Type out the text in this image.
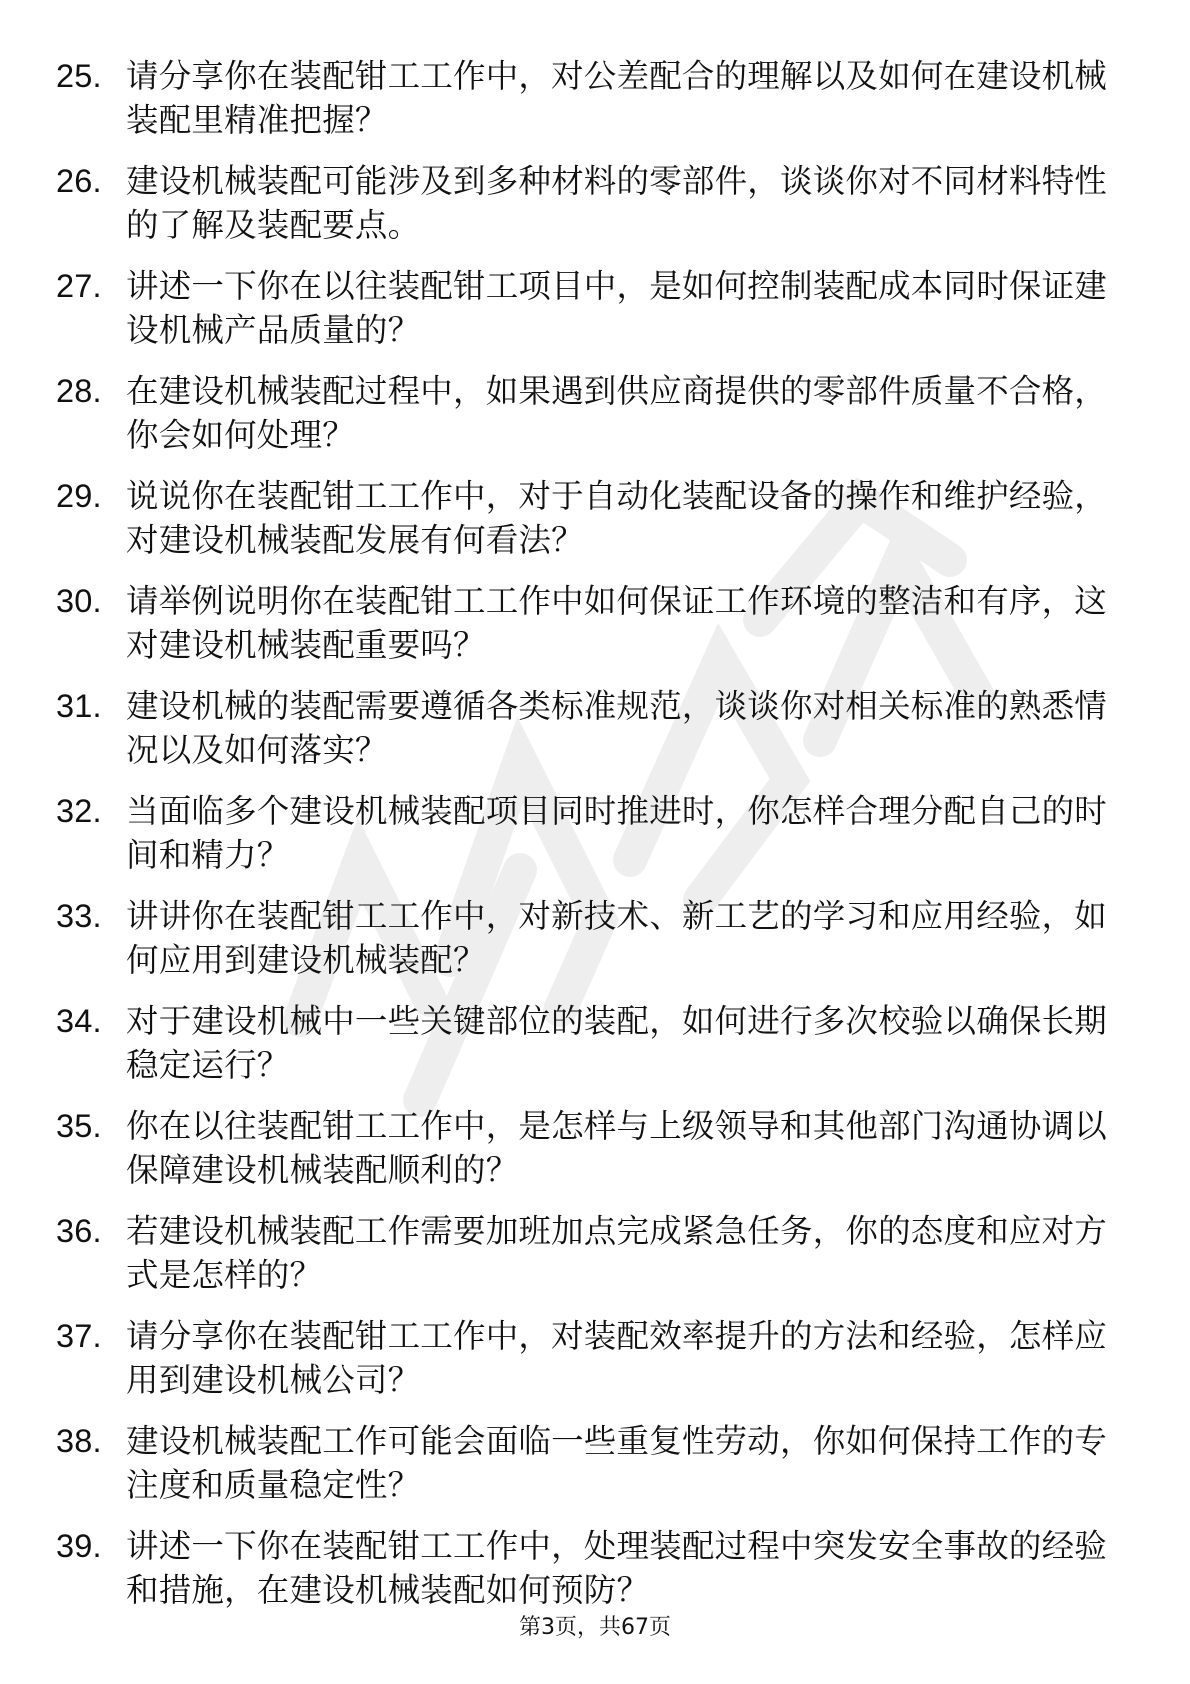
25. 请分享你在装配钳工工作中，对公差配合的理解以及如何在建设机械装配里精准把握？
26. 建设机械装配可能涉及到多种材料的零部件，谈谈你对不同材料特性的了解及装配要点。
27. 讲述一下你在以往装配钳工项目中，是如何控制装配成本同时保证建设机械产品质量的？
28. 在建设机械装配过程中，如果遇到供应商提供的零部件质量不合格，你会如何处理？
29. 说说你在装配钳工工作中，对于自动化装配设备的操作和维护经验，对建设机械装配发展有何看法？
30. 请举例说明你在装配钳工工作中如何保证工作环境的整洁和有序，这对建设机械装配重要吗？
31. 建设机械的装配需要遵循各类标准规范，谈谈你对相关标准的熟悉情况以及如何落实？
32. 当面临多个建设机械装配项目同时推进时，你怎样合理分配自己的时间和精力？
33. 讲讲你在装配钳工工作中，对新技术、新工艺的学习和应用经验，如何应用到建设机械装配？
34. 对于建设机械中一些关键部位的装配，如何进行多次校验以确保长期稳定运行？
35. 你在以往装配钳工工作中，是怎样与上级领导和其他部门沟通协调以保障建设机械装配顺利的？
36. 若建设机械装配工作需要加班加点完成紧急任务，你的态度和应对方式是怎样的？
37. 请分享你在装配钳工工作中，对装配效率提升的方法和经验，怎样应用到建设机械公司？
38. 建设机械装配工作可能会面临一些重复性劳动，你如何保持工作的专注度和质量稳定性？
39. 讲述一下你在装配钳工工作中，处理装配过程中突发安全事故的经验和措施，在建设机械装配如何预防？
第3页，共67页
